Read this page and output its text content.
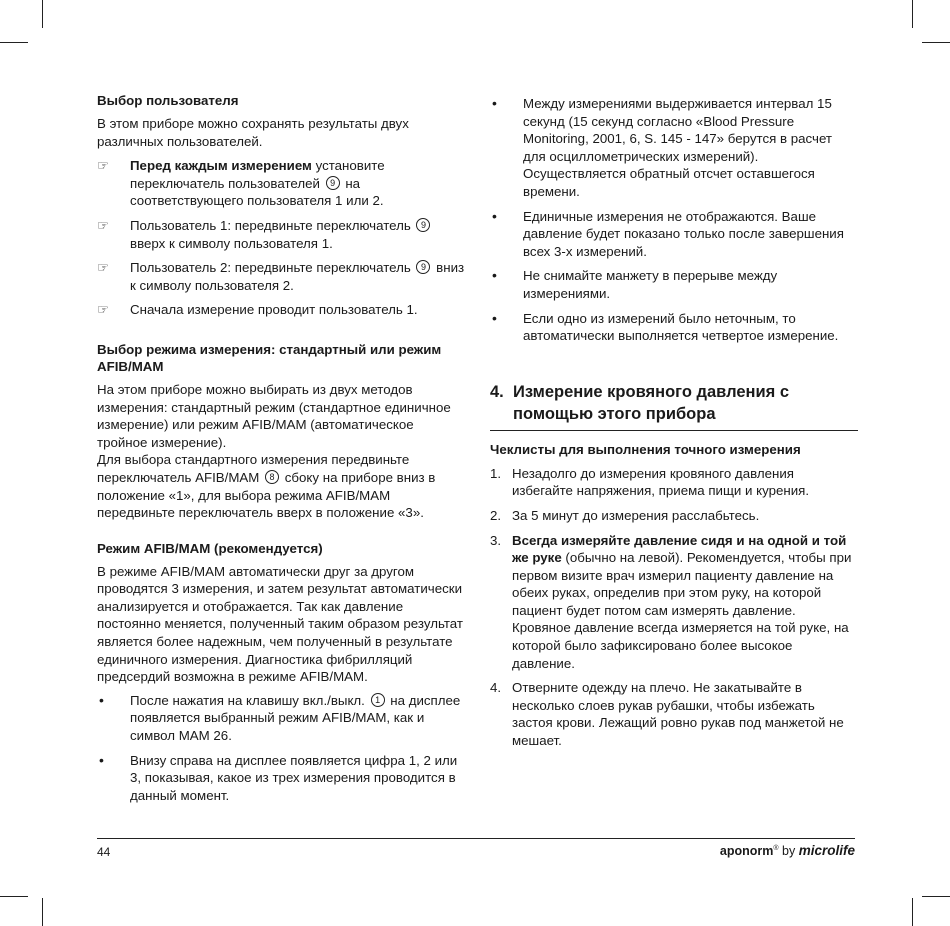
Выбор пользователя

В этом приборе можно сохранять результаты двух различных пользователей.

☞ Перед каждым измерением установите переключатель пользователей 9 на соответствующего пользователя 1 или 2.
☞ Пользователь 1: передвиньте переключатель 9 вверх к символу пользователя 1.
☞ Пользователь 2: передвиньте переключатель 9 вниз к символу пользователя 2.
☞ Сначала измерение проводит пользователь 1.
Выбор режима измерения: стандартный или режим AFIB/MAM

На этом приборе можно выбирать из двух методов измерения: стандартный режим (стандартное единичное измерение) или режим AFIB/MAM (автоматическое тройное измерение).

Для выбора стандартного измерения передвиньте переключатель AFIB/MAM 8 сбоку на приборе вниз в положение «1», для выбора режима AFIB/MAM передвиньте переключатель вверх в положение «3».

Режим AFIB/MAM (рекомендуется)

В режиме AFIB/MAM автоматически друг за другом проводятся 3 измерения, и затем результат автоматически анализируется и отображается. Так как давление постоянно меняется, полученный таким образом результат является более надежным, чем полученный в результате единичного измерения. Диагностика фибрилляций предсердий возможна в режиме AFIB/MAM.

• После нажатия на клавишу вкл./выкл. 1 на дисплее появляется выбранный режим AFIB/MAM, как и символ MAM 26.
• Внизу справа на дисплее появляется цифра 1, 2 или 3, показывая, какое из трех измерения проводится в данный момент.
• Между измерениями выдерживается интервал 15 секунд (15 секунд согласно «Blood Pressure Monitoring, 2001, 6, S. 145 - 147» берутся в расчет для осциллометрических измерений). Осуществляется обратный отсчет оставшегося времени.
• Единичные измерения не отображаются. Ваше давление будет показано только после завершения всех 3-х измерений.
• Не снимайте манжету в перерыве между измерениями.
• Если одно из измерений было неточным, то автоматически выполняется четвертое измерение.
4. Измерение кровяного давления с помощью этого прибора
Чеклисты для выполнения точного измерения
1. Незадолго до измерения кровяного давления избегайте напряжения, приема пищи и курения.
2. За 5 минут до измерения расслабьтесь.
3. Всегда измеряйте давление сидя и на одной и той же руке (обычно на левой). Рекомендуется, чтобы при первом визите врач измерил пациенту давление на обеих руках, определив при этом руку, на которой пациент будет потом сам измерять давление. Кровяное давление всегда измеряется на той руке, на которой было зафиксировано более высокое давление.
4. Отверните одежду на плечо. Не закатывайте в несколько слоев рукав рубашки, чтобы избежать застоя крови. Лежащий ровно рукав под манжетой не мешает.
44	aponorm® by microlife
